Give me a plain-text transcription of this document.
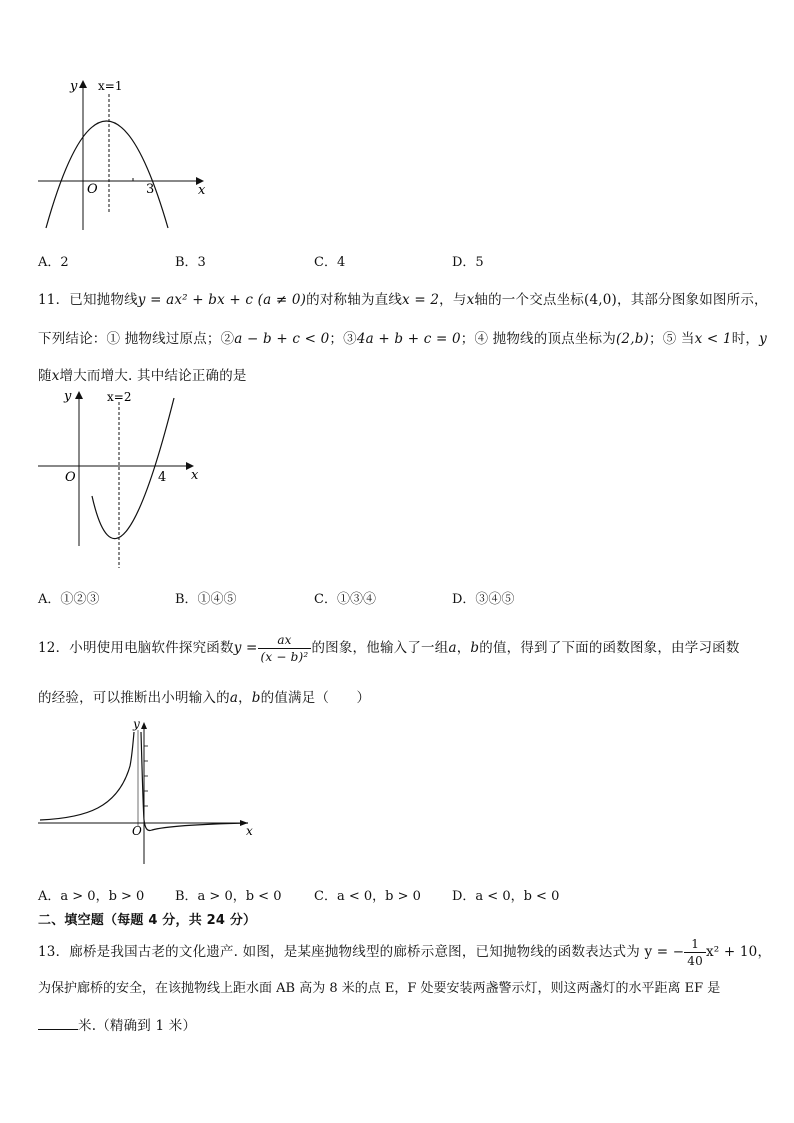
x
y
O
x=1
3
A．2	B．3	C．4	D．5
11．已知抛物线y = ax² + bx + c (a ≠ 0)的对称轴为直线x = 2，与x轴的一个交点坐标(4,0)，其部分图象如图所示，
下列结论：① 抛物线过原点；②a − b + c < 0；③4a + b + c = 0；④ 抛物线的顶点坐标为(2,b)；⑤ 当x < 1时，y
随x增大而增大. 其中结论正确的是
x
y
O
x=2
4
A．①②③	B．①④⑤	C．①③④	D．③④⑤
12．小明使用电脑软件探究函数$y = \frac{ax}{\text{(x − b)²}}$ 的图象，他输入了一组a，b的值，得到了下面的函数图象，由学习函数
的经验，可以推断出小明输入的a，b的值满足（　　）
x
y
O
A．a > 0，b > 0 B．a > 0，b < 0	C．a < 0，b > 0 D．a < 0，b < 0
二、填空题（每题 4 分，共 24 分）
13．廊桥是我国古老的文化遗产. 如图，是某座抛物线型的廊桥示意图，已知抛物线的函数表达式为 y = − $\frac{1}{40} x^2 + 10$，
为保护廊桥的安全，在该抛物线上距水面 AB 高为 8 米的点 E，F 处要安装两盏警示灯，则这两盏灯的水平距离 EF 是
米.（精确到 1 米）
